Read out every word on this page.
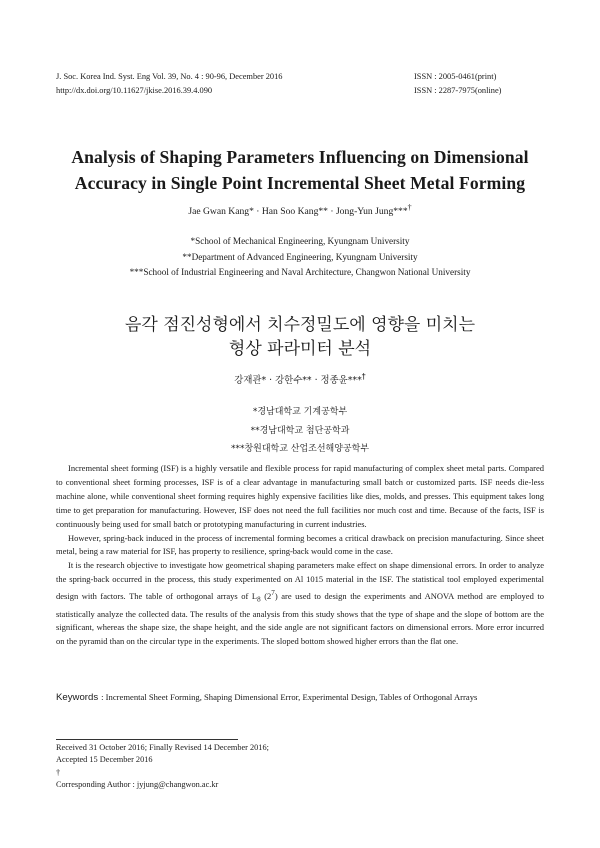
J. Soc. Korea Ind. Syst. Eng Vol. 39, No. 4 : 90-96, December 2016
http://dx.doi.org/10.11627/jkise.2016.39.4.090
ISSN : 2005-0461(print)
ISSN : 2287-7975(online)
Analysis of Shaping Parameters Influencing on Dimensional
Accuracy in Single Point Incremental Sheet Metal Forming
Jae Gwan Kang* · Han Soo Kang** · Jong-Yun Jung***†
*School of Mechanical Engineering, Kyungnam University
**Department of Advanced Engineering, Kyungnam University
***School of Industrial Engineering and Naval Architecture, Changwon National University
음각 점진성형에서 치수정밀도에 영향을 미치는
형상 파라미터 분석
강재관* · 강한수** · 정종윤***†
*경남대학교 기계공학부
**경남대학교 첨단공학과
***창원대학교 산업조선해양공학부

Incremental sheet forming (ISF) is a highly versatile and flexible process for rapid manufacturing of complex sheet metal parts. Compared to conventional sheet forming processes, ISF is of a clear advantage in manufacturing small batch or customized parts. ISF needs die-less machine alone, while conventional sheet forming requires highly expensive facilities like dies, molds, and presses. This equipment takes long time to get preparation for manufacturing. However, ISF does not need the full facilities nor much cost and time. Because of the facts, ISF is continuously being used for small batch or prototyping manufacturing in current industries.

However, spring-back induced in the process of incremental forming becomes a critical drawback on precision manufacturing. Since sheet metal, being a raw material for ISF, has property to resilience, spring-back would come in the case.

It is the research objective to investigate how geometrical shaping parameters make effect on shape dimensional errors. In order to analyze the spring-back occurred in the process, this study experimented on Al 1015 material in the ISF. The statistical tool employed experimental design with factors. The table of orthogonal arrays of $L_8$ $(2^7)$ are used to design the experiments and ANOVA method are employed to statistically analyze the collected data. The results of the analysis from this study shows that the type of shape and the slope of bottom are the significant, whereas the shape size, the shape height, and the side angle are not significant factors on dimensional errors. More error incurred on the pyramid than on the circular type in the experiments. The sloped bottom showed higher errors than the flat one.

Keywords : Incremental Sheet Forming, Shaping Dimensional Error, Experimental Design, Tables of Orthogonal Arrays
Received 31 October 2016; Finally Revised 14 December 2016;
Accepted 15 December 2016
†
Corresponding Author : jyjung@changwon.ac.kr
